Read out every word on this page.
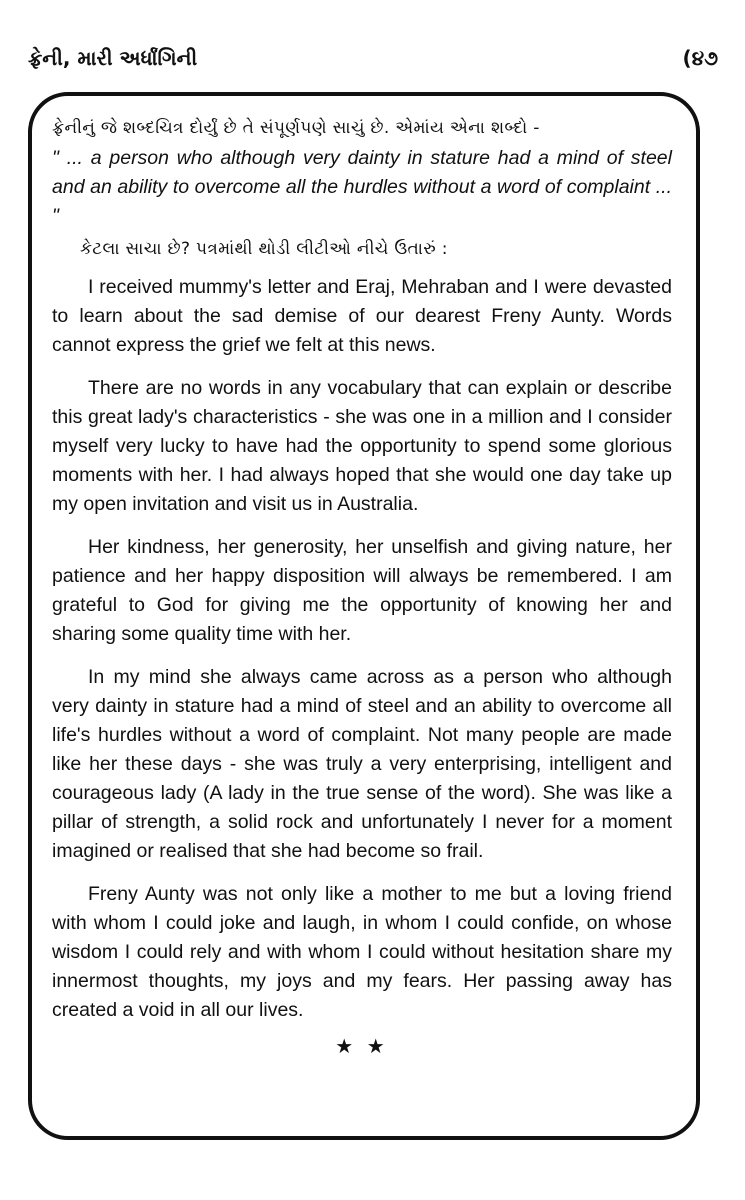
ફ્રેની, મારી અર્ધાંગિની	(૪૭
ફ્રેનીનું જે શબ્દચિત્ર દોર્યું છે તે સંપૂર્ણપણે સાચું છે. એમાંય એના શબ્દો -
" ... a person who although very dainty in stature had a mind of steel and an ability to overcome all the hurdles without a word of complaint ... "
કેટલા સાચા છે? પત્રમાંથી થોડી લીટીઓ નીચે ઉતારું :

I received mummy's letter and Eraj, Mehraban and I were devasted to learn about the sad demise of our dearest Freny Aunty. Words cannot express the grief we felt at this news.

There are no words in any vocabulary that can explain or describe this great lady's characteristics - she was one in a million and I consider myself very lucky to have had the opportunity to spend some glorious moments with her. I had always hoped that she would one day take up my open invitation and visit us in Australia.

Her kindness, her generosity, her unselfish and giving nature, her patience and her happy disposition will always be remembered. I am grateful to God for giving me the opportunity of knowing her and sharing some quality time with her.

In my mind she always came across as a person who although very dainty in stature had a mind of steel and an ability to overcome all life's hurdles without a word of complaint. Not many people are made like her these days - she was truly a very enterprising, intelligent and courageous lady (A lady in the true sense of the word). She was like a pillar of strength, a solid rock and unfortunately I never for a moment imagined or realised that she had become so frail.

Freny Aunty was not only like a mother to me but a loving friend with whom I could joke and laugh, in whom I could confide, on whose wisdom I could rely and with whom I could without hesitation share my innermost thoughts, my joys and my fears. Her passing away has created a void in all our lives.

★ ★
